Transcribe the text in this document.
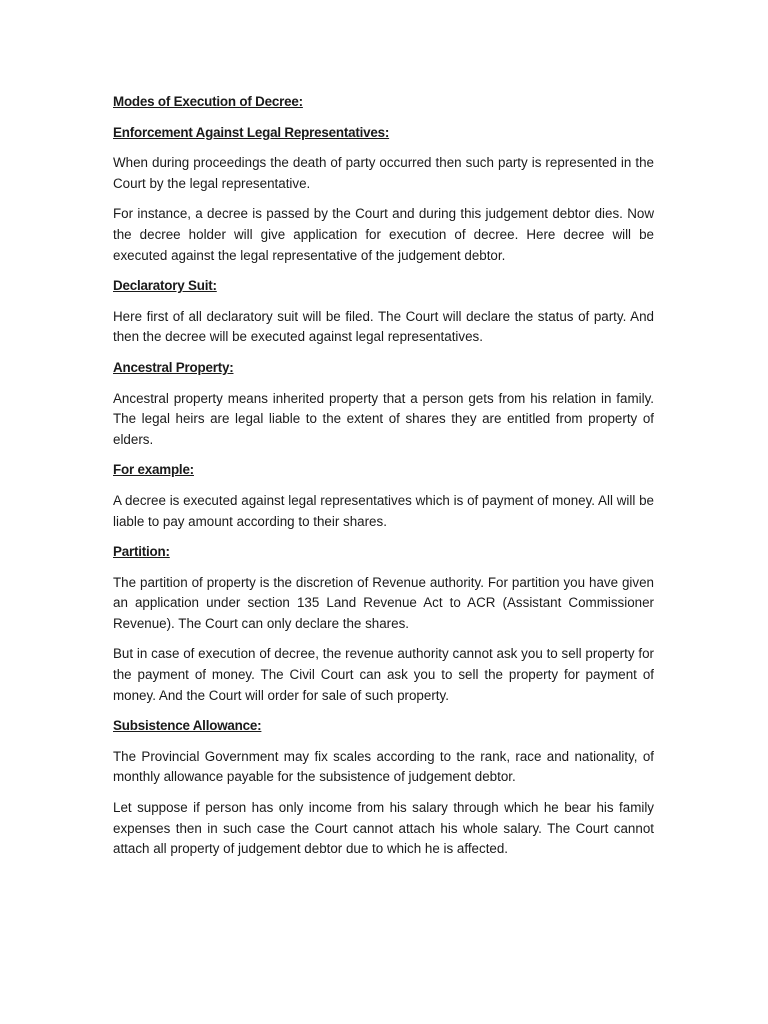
Modes of Execution of Decree:
Enforcement Against Legal Representatives:

When during proceedings the death of party occurred then such party is represented in the Court by the legal representative.

For instance, a decree is passed by the Court and during this judgement debtor dies. Now the decree holder will give application for execution of decree. Here decree will be executed against the legal representative of the judgement debtor.

Declaratory Suit:

Here first of all declaratory suit will be filed. The Court will declare the status of party. And then the decree will be executed against legal representatives.

Ancestral Property:

Ancestral property means inherited property that a person gets from his relation in family. The legal heirs are legal liable to the extent of shares they are entitled from property of elders.

For example:

A decree is executed against legal representatives which is of payment of money. All will be liable to pay amount according to their shares.

Partition:

The partition of property is the discretion of Revenue authority. For partition you have given an application under section 135 Land Revenue Act to ACR (Assistant Commissioner Revenue). The Court can only declare the shares.

But in case of execution of decree, the revenue authority cannot ask you to sell property for the payment of money. The Civil Court can ask you to sell the property for payment of money. And the Court will order for sale of such property.

Subsistence Allowance:

The Provincial Government may fix scales according to the rank, race and nationality, of monthly allowance payable for the subsistence of judgement debtor.

Let suppose if person has only income from his salary through which he bear his family expenses then in such case the Court cannot attach his whole salary. The Court cannot attach all property of judgement debtor due to which he is affected.
